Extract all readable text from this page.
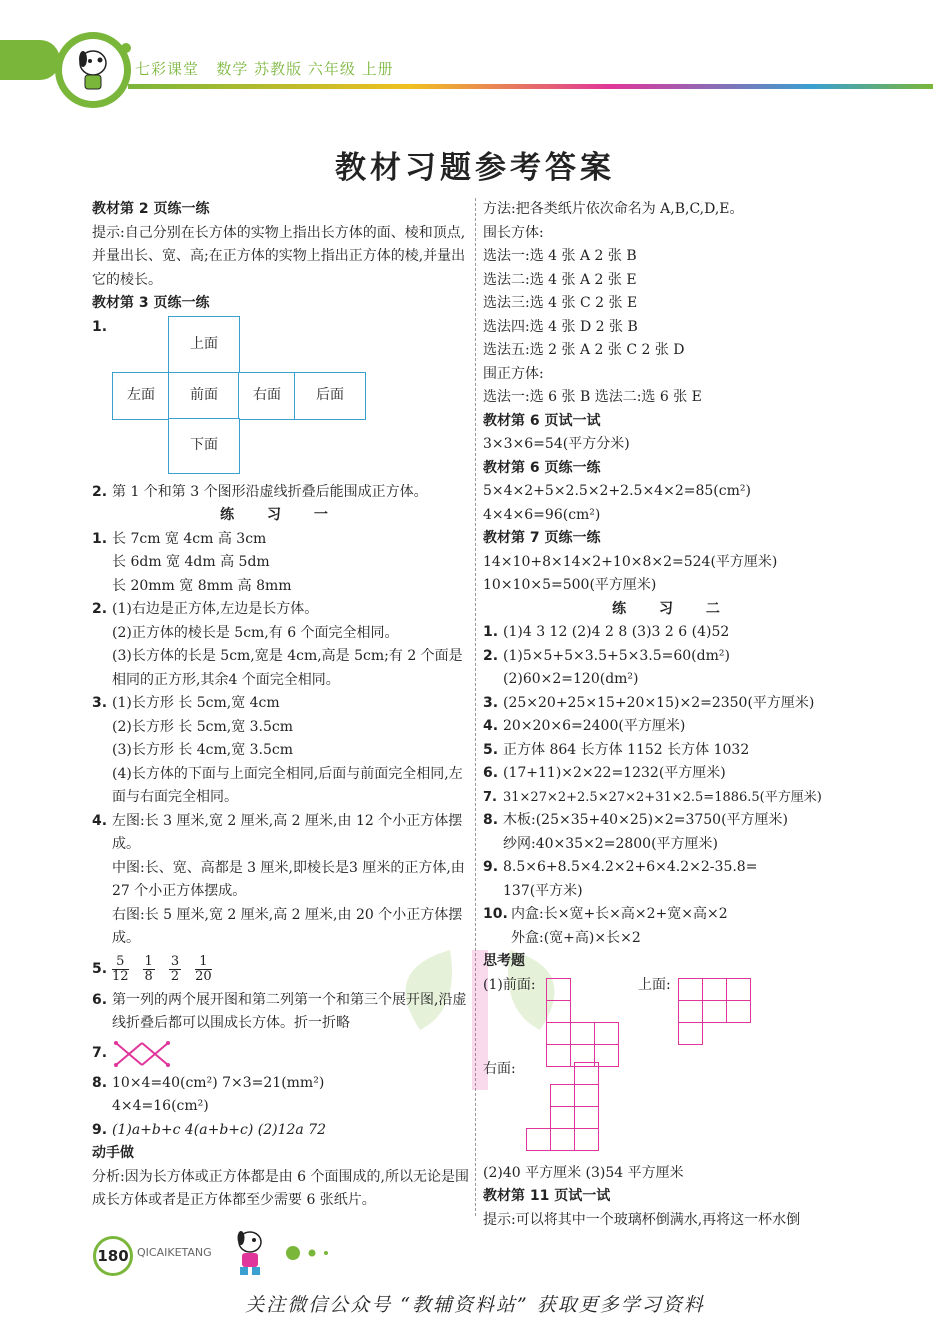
七彩课堂 数学 苏教版 六年级 上册
教材习题参考答案
教材第 2 页练一练
提示:自己分别在长方体的实物上指出长方体的面、棱和顶点,并量出长、宽、高;在正方体的实物上指出正方体的棱,并量出它的棱长。
教材第 3 页练一练
1.
上面
左面	前面	右面	后面
下面
2. 第 1 个和第 3 个图形沿虚线折叠后能围成正方体。
练 习 一
1. 长 7cm 宽 4cm 高 3cm
长 6dm 宽 4dm 高 5dm
长 20mm 宽 8mm 高 8mm
2. (1)右边是正方体,左边是长方体。
(2)正方体的棱长是 5cm,有 6 个面完全相同。
(3)长方体的长是 5cm,宽是 4cm,高是 5cm;有 2 个面是相同的正方形,其余4 个面完全相同。
3. (1)长方形 长 5cm,宽 4cm
(2)长方形 长 5cm,宽 3.5cm
(3)长方形 长 4cm,宽 3.5cm
(4)长方体的下面与上面完全相同,后面与前面完全相同,左面与右面完全相同。
4. 左图:长 3 厘米,宽 2 厘米,高 2 厘米,由 12 个小正方体摆成。
中图:长、宽、高都是 3 厘米,即棱长是3 厘米的正方体,由 27 个小正方体摆成。
右图:长 5 厘米,宽 2 厘米,高 2 厘米,由 20 个小正方体摆成。
5. $\frac{5}{12} \frac{1}{8} \frac{3}{2} \frac{1}{20}$
6. 第一列的两个展开图和第二列第一个和第三个展开图,沿虚线折叠后都可以围成长方体。折一折略
7.
8. 10×4=40(cm²) 7×3=21(mm²)
4×4=16(cm²)
9. (1)a+b+c 4(a+b+c) (2)12a 72
动手做
分析:因为长方体或正方体都是由 6 个面围成的,所以无论是围成长方体或者是正方体都至少需要 6 张纸片。
方法:把各类纸片依次命名为 A,B,C,D,E。
围长方体:
选法一:选 4 张 A 2 张 B
选法二:选 4 张 A 2 张 E
选法三:选 4 张 C 2 张 E
选法四:选 4 张 D 2 张 B
选法五:选 2 张 A 2 张 C 2 张 D
围正方体:
选法一:选 6 张 B 选法二:选 6 张 E
教材第 6 页试一试
3×3×6=54(平方分米)
教材第 6 页练一练
5×4×2+5×2.5×2+2.5×4×2=85(cm²)
4×4×6=96(cm²)
教材第 7 页练一练
14×10+8×14×2+10×8×2=524(平方厘米)
10×10×5=500(平方厘米)
练 习 二
1. (1)4 3 12 (2)4 2 8 (3)3 2 6 (4)52
2. (1)5×5+5×3.5+5×3.5=60(dm²)
(2)60×2=120(dm²)
3. (25×20+25×15+20×15)×2=2350(平方厘米)
4. 20×20×6=2400(平方厘米)
5. 正方体 864 长方体 1152 长方体 1032
6. (17+11)×2×22=1232(平方厘米)
7. 31×27×2+2.5×27×2+31×2.5=1886.5(平方厘米)
8. 木板:(25×35+40×25)×2=3750(平方厘米)
纱网:40×35×2=2800(平方厘米)
9. 8.5×6+8.5×4.2×2+6×4.2×2-35.8=
137(平方米)
10. 内盒:长×宽+长×高×2+宽×高×2
外盒:(宽+高)×长×2
思考题
(1)前面:	上面:
右面:
(2)40 平方厘米 (3)54 平方厘米
教材第 11 页试一试
提示:可以将其中一个玻璃杯倒满水,再将这一杯水倒
180 QICAIKETANG
关注微信公众号 “教辅资料站” 获取更多学习资料
